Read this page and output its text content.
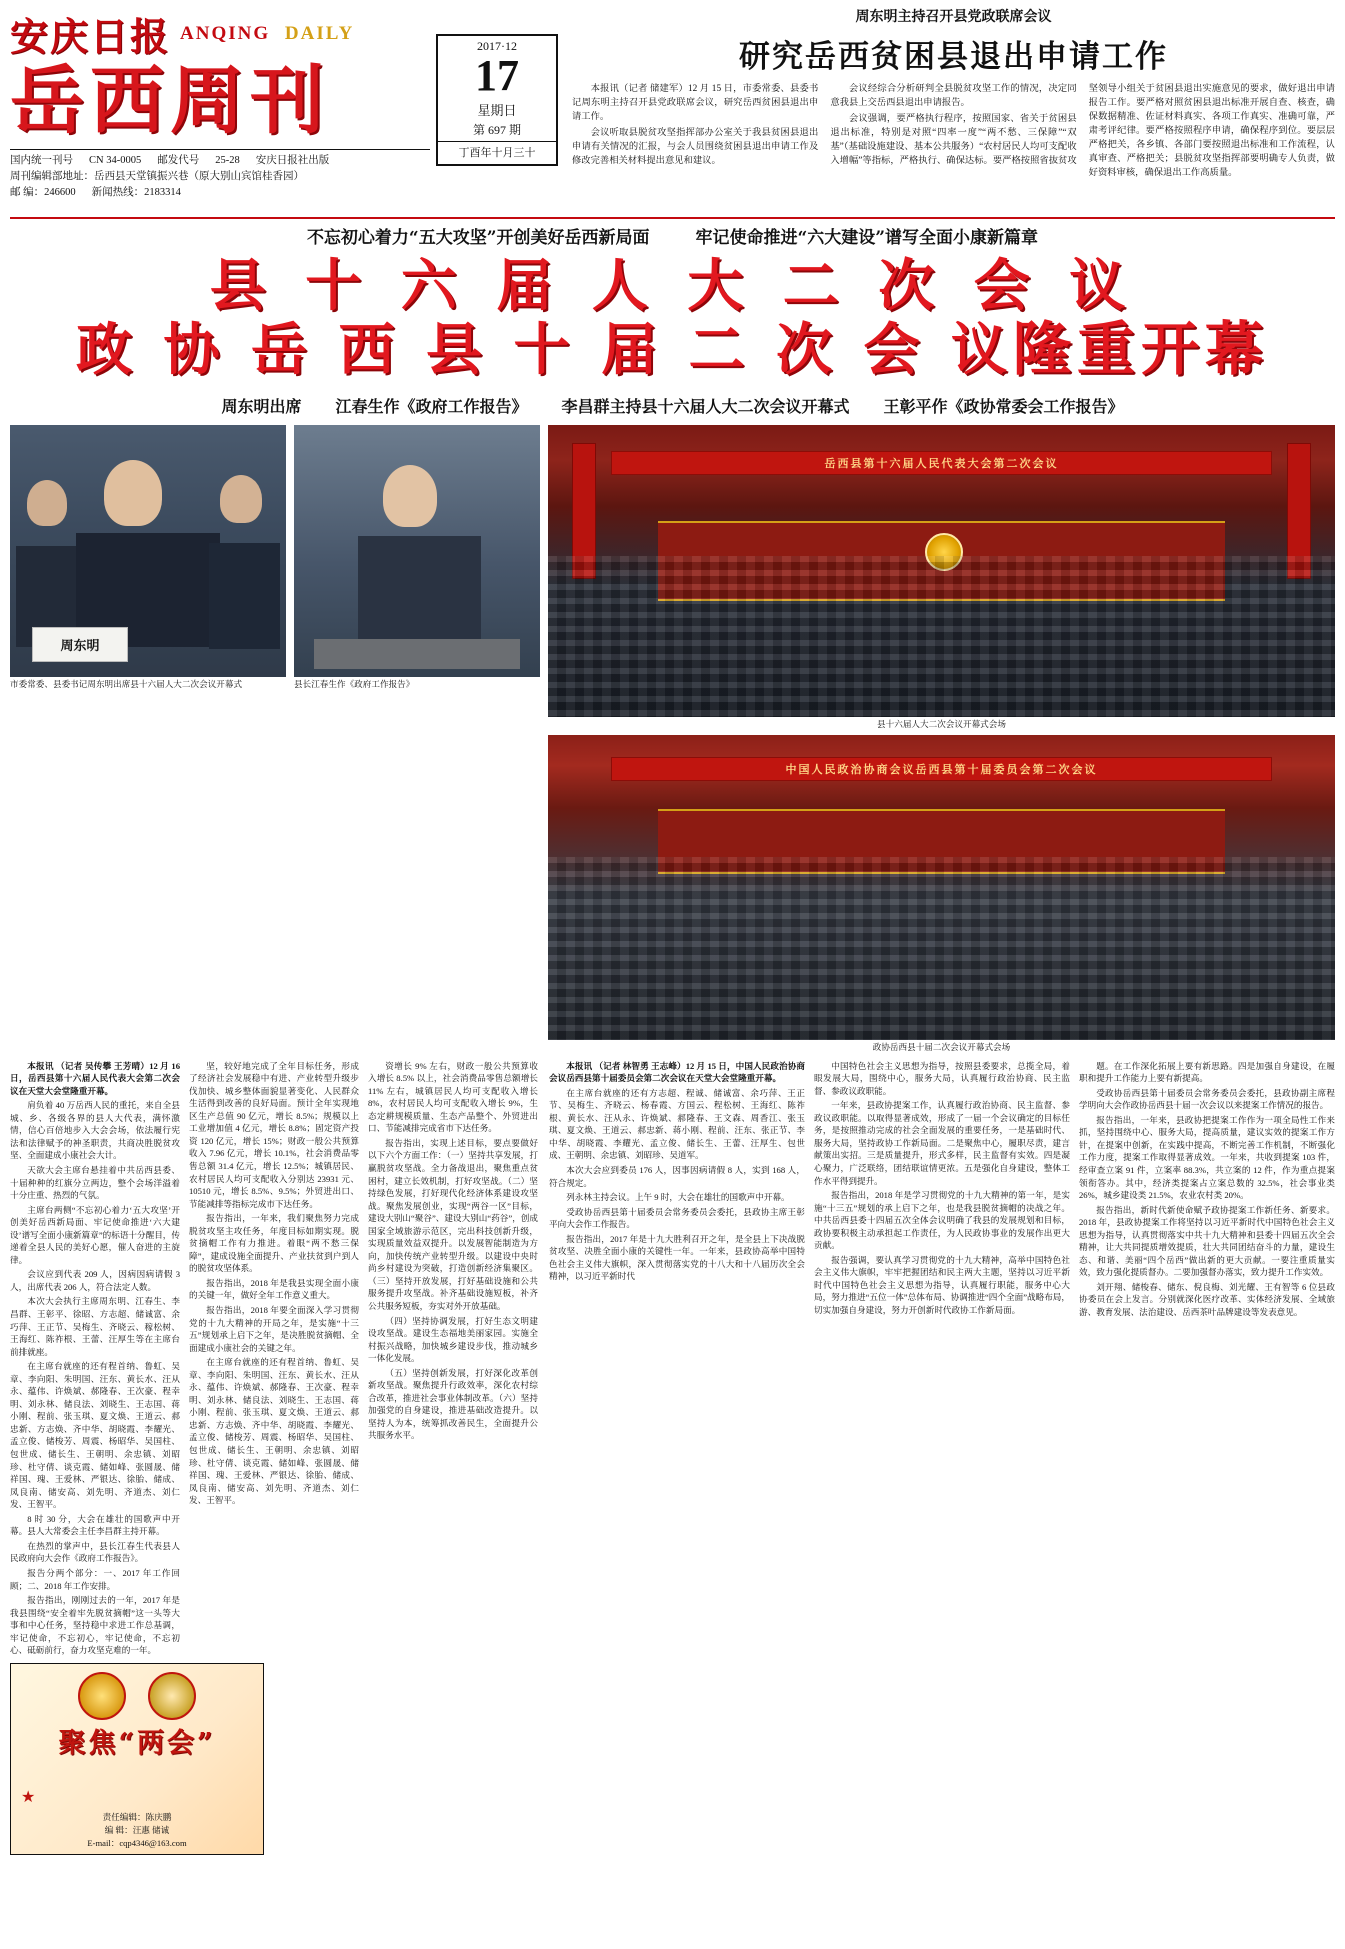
安庆日报 ANQING DAILY
岳西周刊
国内统一刊号 CN 34-0005 邮发代号 25-28 安庆日报社出版
周刊编辑部地址：岳西县天堂镇振兴巷（原大别山宾馆桂香园）
邮 编：246600 新闻热线：2183314
2017·12
17
星期日
第 697 期
丁酉年十月三十
周东明主持召开县党政联席会议
研究岳西贫困县退出申请工作

本报讯（记者 储建军）12 月 15 日，市委常委、县委书记周东明主持召开县党政联席会议，研究岳西贫困县退出申请工作。

会议听取县脱贫攻坚指挥部办公室关于我县贫困县退出申请有关情况的汇报，与会人员围绕贫困县退出申请工作及修改完善相关材料提出意见和建议。

会议经综合分析研判全县脱贫攻坚工作的情况，决定同意我县上交岳西县退出申请报告。

会议强调，要严格执行程序，按照国家、省关于贫困县退出标准，特别是对照“四率一度”“两不愁、三保障”“双基”（基础设施建设、基本公共服务）“农村居民人均可支配收入增幅”等指标，严格执行、确保达标。要严格按照省抜贫攻坚领导小组关于贫困县退出实施意见的要求，做好退出申请报告工作。要严格对照贫困县退出标准开展自查、核查，确保数据精准、佐证材料真实、各项工作真实、准确可靠，严肃考评纪律。要严格按照程序申请，确保程序到位。要层层严格把关，各乡镇、各部门要按照退出标准和工作流程，认真审查、严格把关；县脱贫攻坚指挥部要明确专人负责，做好资料审核，确保退出工作高质量。

不忘初心着力“五大攻坚”开创美好岳西新局面	牢记使命推进“六大建设”谱写全面小康新篇章
县 十 六 届 人 大 二 次 会 议
政 协 岳 西 县 十 届 二 次 会 议隆重开幕
周东明出席 江春生作《政府工作报告》 李昌群主持县十六届人大二次会议开幕式 王彰平作《政协常委会工作报告》
周东明
市委常委、县委书记周东明出席县十六届人大二次会议开幕式	县长江春生作《政府工作报告》
岳西县第十六届人民代表大会第二次会议
县十六届人大二次会议开幕式会场
中国人民政治协商会议岳西县第十届委员会第二次会议
政协岳西县十届二次会议开幕式会场

本报讯 （记者 吴传攀 王芳晴）12 月 16 日，岳西县第十六届人民代表大会第二次会议在天堂大会堂隆重开幕。

肩负着 40 万岳西人民的重托，来自全县城、乡、各级各界的县人大代表，满怀激情，信心百倍地步入大会会场，依法履行宪法和法律赋予的神圣职责，共商决胜脱贫攻坚、全面建成小康社会大计。

天欲大会主席台悬挂着中共岳西县委、十届种种的红旗分立两边，整个会场洋溢着十分庄重、热烈的气氛。

主席台两侧“不忘初心着力‘五大攻坚’开创美好岳西新局面、牢记使命推进‘六大建设’谱写全面小康新篇章”的标语十分醒目，传递着全县人民的美好心愿，催人奋进的主旋律。

会议应到代表 209 人，因病因病请假 3 人，出席代表 206 人，符合法定人数。

本次大会执行主席周东明、江春生、李昌群、王彰平、徐昭、方志超、储诚富、余巧萍、王正节、吴梅生、齐晓云、稼松树、王海红、陈祚根、王蕾、汪厚生等在主席台前排就座。

在主席台就座的还有程首纳、鲁虹、吴章、李向阳、朱明国、汪东、黄长水、汪从永、蕴伟、许焕斌、郝隆春、王次豪、程幸明、刘永林、储良法、刘晓生、王志国、蒋小刚、程前、张玉琪、夏文焕、王道云、郝忠新、方志焕、齐中华、胡晓霞、李耀光、孟立俊、储梭芳、周震、杨昭华、吴国柱、包世成、储长生、王朝明、余忠镇、刘昭珍、杜守倩、谈克霞、储如峰、张圆晟、储祥国、瑰、王爱林、严银达、徐胎、储成、凤良南、储安高、刘先明、齐道杰、刘仁发、王智平。

8 时 30 分，大会在雄壮的国歌声中开幕。县人大常委会主任李昌群主持开幕。

在热烈的掌声中，县长江春生代表县人民政府向大会作《政府工作报告》。

报告分两个部分：一、2017 年工作回顾；二、2018 年工作安排。

报告指出，刚刚过去的一年，2017 年是我县围绕“安全着牢先脱贫摘帽”这一头等大事和中心任务，坚持稳中求进工作总基调，牢记使命，不忘初心，牢记使命，不忘初心、砥砺前行，奋力攻坚克难的一年。

聚焦“两会”
★
责任编辑：陈庆鹏
编 辑：汪惠 储诚
E-mail：cqp4346@163.com

坚，较好地完成了全年目标任务，形成了经济社会发展稳中有进、产业转型升级步伐加快、城乡整体面貌显著变化、人民群众生活得到改善的良好局面。预计全年实现地区生产总值 90 亿元，增长 8.5%；规模以上工业增加值 4 亿元，增长 8.8%；固定资产投资 120 亿元，增长 15%；财政一般公共预算收入 7.96 亿元，增长 10.1%，社会消费品零售总额 31.4 亿元，增长 12.5%；城镇居民、农村居民人均可支配收入分别达 23931 元、10510 元，增长 8.5%、9.5%；外贸进出口、节能减排等指标完成市下达任务。

报告指出，一年来，我们聚焦努力完成脱贫攻坚主攻任务，年度目标如期实现。脱贫摘帽工作有力推进。着眼“两不愁三保障”，建成设施全面提升、产业扶贫到户到人的脱贫攻坚体系。

报告指出，2018 年是我县实现全面小康的关键一年，做好全年工作意义重大。

报告指出，2018 年要全面深入学习贯彻党的十九大精神的开局之年，是实施“十三五”规划承上启下之年，是决胜脱贫摘帽、全面建成小康社会的关键之年。

在主席台就座的还有程首纳、鲁虹、吴章、李向阳、朱明国、汪东、黄长水、汪从永、蕴伟、许焕斌、郝隆春、王次豪、程幸明、刘永林、储良法、刘晓生、王志国、蒋小刚、程前、张玉琪、夏文焕、王道云、郝忠新、方志焕、齐中华、胡晓霞、李耀光、孟立俊、储梭芳、周震、杨昭华、吴国柱、包世成、储长生、王朝明、余忠镇、刘昭珍、杜守倩、谈克霞、储如峰、张圆晟、储祥国、瑰、王爱林、严银达、徐胎、储成、凤良南、储安高、刘先明、齐道杰、刘仁发、王智平。

资增长 9% 左右，财政一般公共预算收入增长 8.5% 以上，社会消费品零售总额增长 11% 左右，城镇居民人均可支配收入增长 8%，农村居民人均可支配收入增长 9%，生态定耕规模质量、生态产品整个、外贸进出口、节能减排完成省市下达任务。

报告指出，实现上述目标，要点要做好以下六个方面工作：（一）坚持共享发展，打赢脱贫攻坚战。全力备战退出，聚焦重点贫困村，建立长效机制，打好攻坚战。（二）坚持绿色发展，打好现代化经济体系建设攻坚战。聚焦发展创业，实现“两谷一区”目标，建设大别山“聚谷”、建设大别山“药谷”，创成国家全域旅游示范区，完出科技创新升级，实现质量效益双提升。以发展智能制造为方向，加快传统产业转型升级。以建设中央时尚乡村建设为突破，打造创新经济集聚区。（三）坚持开放发展，打好基础设施和公共服务提升攻坚战。补齐基础设施短板，补齐公共服务短板，夯实对外开放基础。

（四）坚持协调发展，打好生态文明建设攻坚战。建设生态福地美丽家园。实施全村振兴战略，加快城乡建设步伐，推动城乡一体化发展。

（五）坚持创新发展，打好深化改革创新攻坚战。聚焦提升行政效率，深化农村综合改革，推进社会事业体制改革。（六）坚持加强党的自身建设，推进基础改造提升。以坚持人为本，统筹抓改善民生，全面提升公共服务水平。

本报讯 （记者 林智勇 王志峰）12 月 15 日，中国人民政治协商会议岳西县第十届委员会第二次会议在天堂大会堂隆重开幕。

在主席台就座的还有方志超、程诚、储诚富、余巧萍、王正节、吴梅生、齐晓云、杨春霞、方国云、程松树、王海红、陈祚根、黄长水、汪从永、许焕斌、郝隆春、王文森、周香江、张玉琪、夏文焕、王道云、郝忠新、蒋小刚、程前、汪东、张正节、李中华、胡晓霞、李耀光、孟立俊、储长生、王蕾、汪厚生、包世成、王朝明、余忠镇、刘昭珍、吴道军。

本次大会应到委员 176 人，因事因病请假 8 人，实到 168 人，符合规定。

列永林主持会议。上午 9 时，大会在雄壮的国歌声中开幕。

受政协岳西县第十届委员会常务委员会委托，县政协主席王彰平向大会作工作报告。

报告指出，2017 年是十九大胜利召开之年，是全县上下决战脱贫攻坚、决胜全面小康的关键性一年。一年来，县政协高举中国特色社会主义伟大旗帜，深入贯彻落实党的十八大和十八届历次全会精神，以习近平新时代

中国特色社会主义思想为指导，按照县委要求，总揽全局，着眼发展大局，围绕中心，服务大局，认真履行政治协商、民主监督、参政议政职能。

一年来，县政协提案工作，认真履行政治协商、民主监督、参政议政职能。以取得显著成效，形成了一届一个会议确定的目标任务，是按照推动完成的社会全面发展的重要任务，一是基础时代、服务大局，坚持政协工作新局面。二是聚焦中心，履职尽责，建言献策出实招。三是质量提升，形式多样，民主监督有实效。四是凝心聚力，广泛联络，团结联谊情更浓。五是强化自身建设，整体工作水平得到提升。

报告指出，2018 年是学习贯彻党的十九大精神的第一年，是实施“十三五”规划的承上启下之年，也是我县脱贫摘帽的决战之年。中共岳西县委十四届五次全体会议明确了我县的发展规划和目标，政协要积极主动承担起工作责任，为人民政协事业的发展作出更大贡献。

报告强调，要认真学习贯彻党的十九大精神，高举中国特色社会主义伟大旗帜，牢牢把握团结和民主两大主题，坚持以习近平新时代中国特色社会主义思想为指导，认真履行职能，服务中心大局，努力推进“五位一体”总体布局、协调推进“四个全面”战略布局，切实加强自身建设，努力开创新时代政协工作新局面。

题。在工作深化拓展上要有新思路。四是加强自身建设，在履职和提升工作能力上要有新提高。

受政协岳西县第十届委员会常务委员会委托，县政协副主席程学明向大会作政协岳西县十届一次会议以来提案工作情况的报告。

报告指出，一年来，县政协把提案工作作为一项全局性工作来抓，坚持围绕中心、服务大局，提高质量，建议实效的提案工作方针，在提案中创新，在实践中提高，不断完善工作机制，不断强化工作力度，提案工作取得显著成效。一年来，共收到提案 103 件，经审查立案 91 件，立案率 88.3%，共立案的 12 件，作为重点提案领衔答办。其中，经济类提案占立案总数的 32.5%，社会事业类 26%，城乡建设类 21.5%，农业农村类 20%。

报告指出，新时代新使命赋予政协提案工作新任务、新要求。2018 年，县政协提案工作将坚持以习近平新时代中国特色社会主义思想为指导，认真贯彻落实中共十九大精神和县委十四届五次全会精神，让大共同提质增效提质，壮大共同团结奋斗的力量，建设生态、和谐、美丽“四个岳西”做出新的更大贡献。一要注重质量实效，致力强化提质督办。二要加强督办落实，致力提升工作实效。

刘开翔、储梭春、储东、倪良梅、刘光耀、王有智等 6 位县政协委员在会上发言。分别就深化医疗改革、实体经济发展、全域旅游、教育发展、法治建设、岳西茶叶品牌建设等发表意见。
